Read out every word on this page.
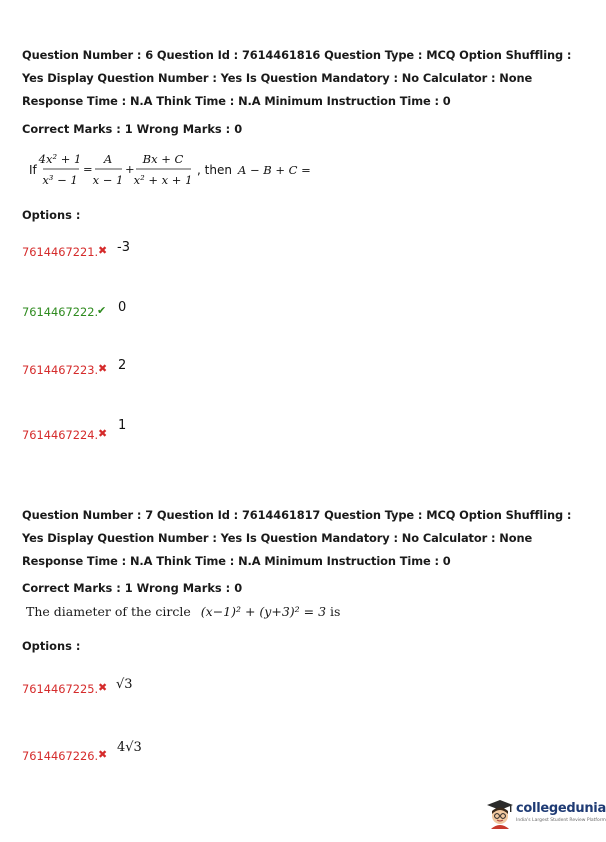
Question Number : 6 Question Id : 7614461816 Question Type : MCQ Option Shuffling : Yes Display Question Number : Yes Is Question Mandatory : No Calculator : None Response Time : N.A Think Time : N.A Minimum Instruction Time : 0
Correct Marks : 1 Wrong Marks : 0
If
4x² + 1
x³ − 1
=
A
x − 1
+
Bx + C
x² + x + 1
, then A − B + C =
Options :
7614467221. ✖ -3
7614467222.
✔ 0
7614467223. ✖ 2
7614467224. ✖
1
Question Number : 7 Question Id : 7614461817 Question Type : MCQ Option Shuffling : Yes Display Question Number : Yes Is Question Mandatory : No Calculator : None Response Time : N.A Think Time : N.A Minimum Instruction Time : 0
Correct Marks : 1 Wrong Marks : 0
The diameter of the circle (x−1)² + (y+3)² = 3 is
Options :
7614467225. ✖ √3
7614467226. ✖ 4√3
collegedunia
India's Largest Student Review Platform
